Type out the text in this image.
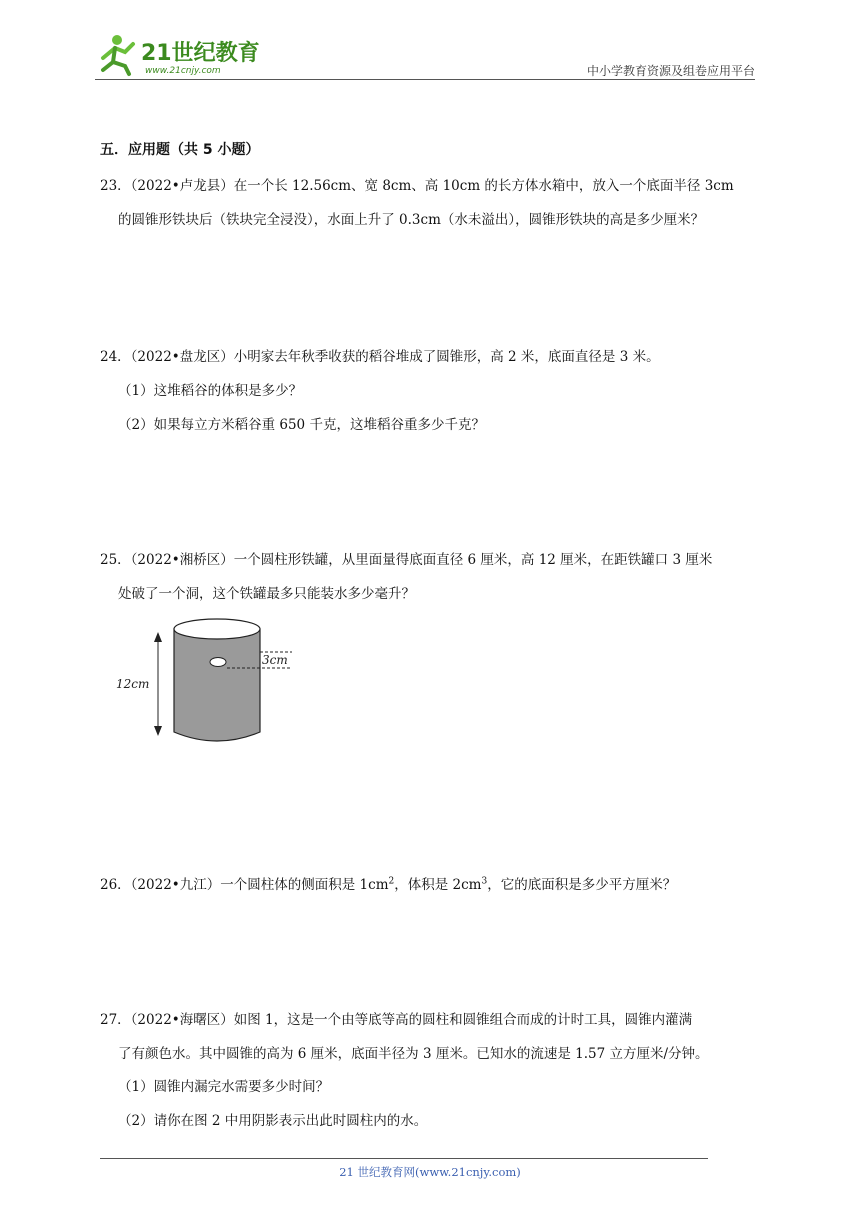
21世纪教育
www.21cnjy.com	中小学教育资源及组卷应用平台
五．应用题（共 5 小题）
23．（2022•卢龙县）在一个长 12.56cm、宽 8cm、高 10cm 的长方体水箱中，放入一个底面半径 3cm
的圆锥形铁块后（铁块完全浸没），水面上升了 0.3cm（水未溢出），圆锥形铁块的高是多少厘米？
24．（2022•盘龙区）小明家去年秋季收获的稻谷堆成了圆锥形，高 2 米，底面直径是 3 米。
（1）这堆稻谷的体积是多少？
（2）如果每立方米稻谷重 650 千克，这堆稻谷重多少千克？
25．（2022•湘桥区）一个圆柱形铁罐，从里面量得底面直径 6 厘米，高 12 厘米，在距铁罐口 3 厘米
处破了一个洞，这个铁罐最多只能装水多少毫升？
3cm
12cm
26．（2022•九江）一个圆柱体的侧面积是 $1cm^2$，体积是 $2cm^3$，它的底面积是多少平方厘米？
27．（2022•海曙区）如图 1，这是一个由等底等高的圆柱和圆锥组合而成的计时工具，圆锥内灌满
了有颜色水。其中圆锥的高为 6 厘米，底面半径为 3 厘米。已知水的流速是 1.57 立方厘米/分钟。
（1）圆锥内漏完水需要多少时间？
（2）请你在图 2 中用阴影表示出此时圆柱内的水。
21 世纪教育网(www.21cnjy.com)
